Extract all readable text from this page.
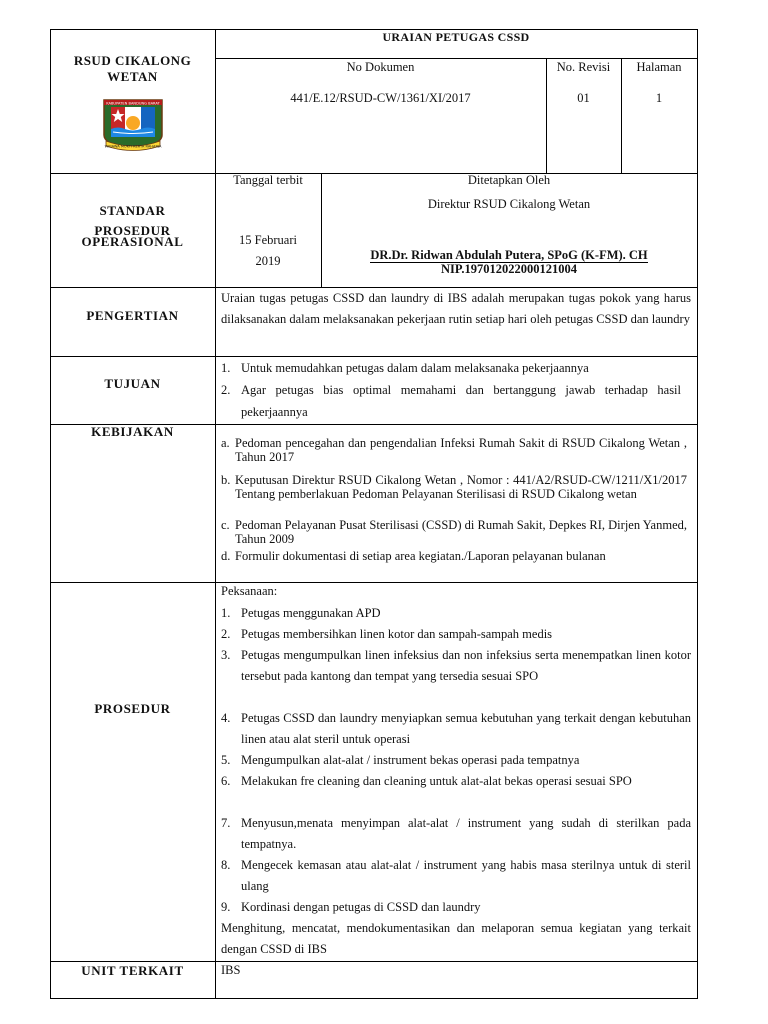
RSUD CIKALONG WETAN
KABUPATEN BANDUNG BARAT
WIBAWA MUKTI KERTA RAHARJA
URAIAN PETUGAS CSSD
No Dokumen
441/E.12/RSUD-CW/1361/XI/2017
No. Revisi
01
Halaman
1
STANDAR
PROSEDUR
OPERASIONAL
Tanggal terbit
15 Februari
2019
Ditetapkan Oleh
Direktur RSUD Cikalong Wetan
DR.Dr. Ridwan Abdulah Putera, SPoG (K-FM). CH
NIP.197012022000121004
PENGERTIAN
Uraian tugas petugas CSSD dan laundry di IBS adalah merupakan tugas pokok yang harus dilaksanakan dalam melaksanakan pekerjaan rutin setiap hari oleh petugas CSSD dan laundry
TUJUAN
1. Untuk memudahkan petugas dalam dalam melaksanaka pekerjaannya
2. Agar petugas bias optimal memahami dan bertanggung jawab terhadap hasil pekerjaannya
KEBIJAKAN
a. Pedoman pencegahan dan pengendalian Infeksi Rumah Sakit di RSUD Cikalong Wetan , Tahun 2017
b. Keputusan Direktur RSUD Cikalong Wetan , Nomor : 441/A2/RSUD-CW/1211/X1/2017 Tentang pemberlakuan Pedoman Pelayanan Sterilisasi di RSUD Cikalong wetan
c. Pedoman Pelayanan Pusat Sterilisasi (CSSD) di Rumah Sakit, Depkes RI, Dirjen Yanmed, Tahun 2009
d. Formulir dokumentasi di setiap area kegiatan./Laporan pelayanan bulanan
PROSEDUR
Peksanaan:
1. Petugas menggunakan APD
2. Petugas membersihkan linen kotor dan sampah-sampah medis
3. Petugas mengumpulkan linen infeksius dan non infeksius serta menempatkan linen kotor tersebut pada kantong dan tempat yang tersedia sesuai SPO
4. Petugas CSSD dan laundry menyiapkan semua kebutuhan yang terkait dengan kebutuhan linen atau alat steril untuk operasi
5. Mengumpulkan alat-alat / instrument bekas operasi pada tempatnya
6. Melakukan fre cleaning dan cleaning untuk alat-alat bekas operasi sesuai SPO
7. Menyusun,menata menyimpan alat-alat / instrument yang sudah di sterilkan pada tempatnya.
8. Mengecek kemasan atau alat-alat / instrument yang habis masa sterilnya untuk di steril ulang
9. Kordinasi dengan petugas di CSSD dan laundry
Menghitung, mencatat, mendokumentasikan dan melaporan semua kegiatan yang terkait dengan CSSD di IBS
UNIT TERKAIT	IBS
